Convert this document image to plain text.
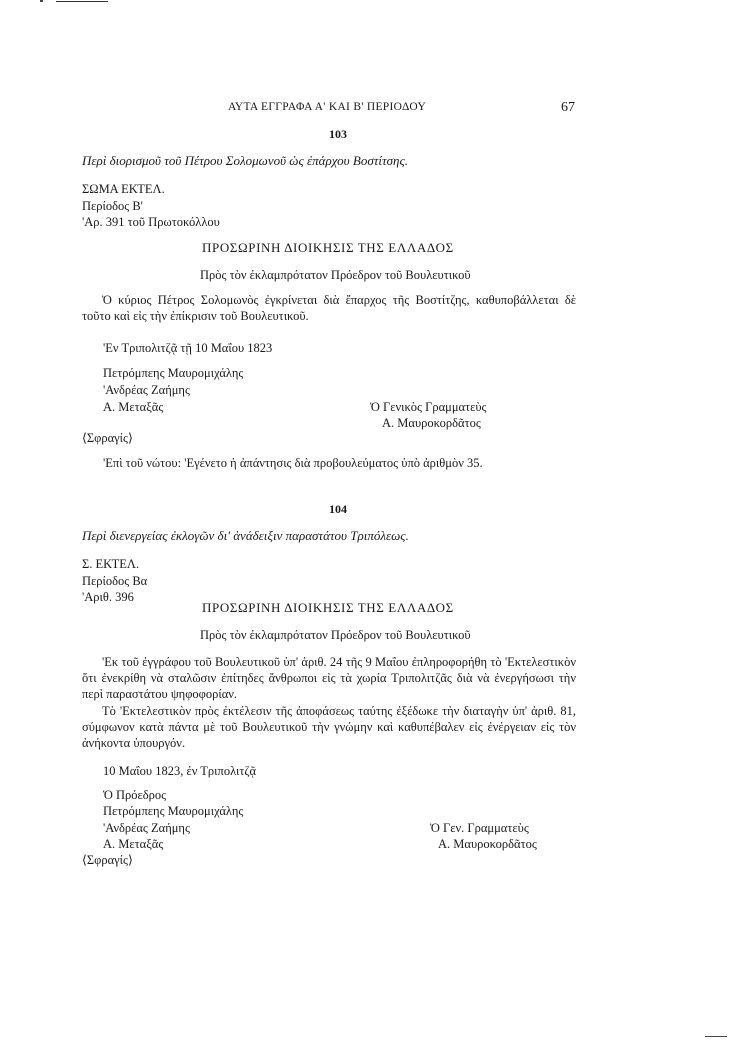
ΑΥΤΑ ΕΓΓΡΑΦΑ Α' ΚΑΙ Β' ΠΕΡΙΟΔΟΥ	67
103
Περὶ διορισμοῦ τοῦ Πέτρου Σολομωνοῦ ὡς ἐπάρχου Βοστίτσης.
ΣΩΜΑ ΕΚΤΕΛ.
Περίοδος Β'
'Αρ. 391 τοῦ Πρωτοκόλλου
ΠΡΟΣΩΡΙΝΗ ΔΙΟΙΚΗΣΙΣ ΤΗΣ ΕΛΛΑΔΟΣ
Πρὸς τὸν ἐκλαμπρότατον Πρόεδρον τοῦ Βουλευτικοῦ
Ὁ κύριος Πέτρος Σολομωνὸς ἐγκρίνεται διὰ ἔπαρχος τῆς Βοστίτζης, καθυποβάλλεται δὲ τοῦτο καὶ εἰς τὴν ἐπίκρισιν τοῦ Βουλευτικοῦ.
'Εν Τριπολιτζᾷ τῇ 10 Μαΐου 1823
Πετρόμπεης Μαυρομιχάλης
'Ανδρέας Ζαήμης
Α. Μεταξᾶς	Ὁ Γενικὸς Γραμματεὺς
Α. Μαυροκορδᾶτος
⟨Σφραγίς⟩
'Επὶ τοῦ νώτου: 'Εγένετο ἡ ἀπάντησις διὰ προβουλεύματος ὑπὸ ἀριθμὸν 35.
104
Περὶ διενεργείας ἐκλογῶν δι' ἀνάδειξιν παραστάτου Τριπόλεως.
Σ. ΕΚΤΕΛ.
Περίοδος Βα
'Αριθ. 396
ΠΡΟΣΩΡΙΝΗ ΔΙΟΙΚΗΣΙΣ ΤΗΣ ΕΛΛΑΔΟΣ
Πρὸς τὸν ἐκλαμπρότατον Πρόεδρον τοῦ Βουλευτικοῦ
'Εκ τοῦ ἐγγράφου τοῦ Βουλευτικοῦ ὑπ' ἀριθ. 24 τῆς 9 Μαΐου ἐπληροφορήθη τὸ 'Εκτελεστικὸν ὅτι ἐνεκρίθη νὰ σταλῶσιν ἐπίτηδες ἄνθρωποι εἰς τὰ χωρία Τριπολιτζᾶς διὰ νὰ ἐνεργήσωσι τὴν περὶ παραστάτου ψηφοφορίαν.
Τὸ 'Εκτελεστικὸν πρὸς ἐκτέλεσιν τῆς ἀποφάσεως ταύτης ἐξέδωκε τὴν διαταγὴν ὑπ' ἀριθ. 81, σύμφωνον κατὰ πάντα μὲ τοῦ Βουλευτικοῦ τὴν γνώμην καὶ καθυπέβαλεν εἰς ἐνέργειαν εἰς τὸν ἀνήκοντα ὑπουργόν.
10 Μαΐου 1823, ἐν Τριπολιτζᾷ
Ὁ Πρόεδρος
Πετρόμπεης Μαυρομιχάλης
'Ανδρέας Ζαήμης
Α. Μεταξᾶς
Ὁ Γεν. Γραμματεὺς
Α. Μαυροκορδᾶτος
⟨Σφραγίς⟩
